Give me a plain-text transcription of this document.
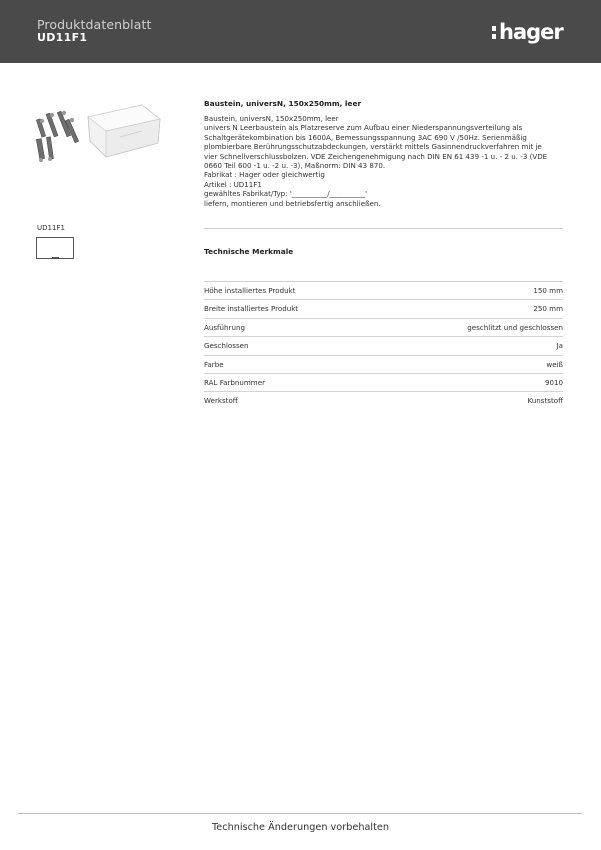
Produktdatenblatt
UD11F1	hager
Baustein, universN, 150x250mm, leer
Baustein, universN, 150x250mm, leer
univers N Leerbaustein als Platzreserve zum Aufbau einer Niederspannungsverteilung als
Schaltgerätekombination bis 1600A, Bemessungsspannung 3AC 690 V /50Hz. Serienmäßig
plombierbare Berührungsschutzabdeckungen, verstärkt mittels Gasinnendruckverfahren mit je
vier Schnellverschlussbolzen. VDE Zeichengenehmigung nach DIN EN 61 439 -1 u. - 2 u. -3 (VDE
0660 Teil 600 -1 u. -2 u. -3), Maßnorm: DIN 43 870.
Fabrikat : Hager oder gleichwertig
Artikel : UD11F1
gewähltes Fabrikat/Typ: '__________/__________'
liefern, montieren und betriebsfertig anschließen.
UD11F1
Technische Merkmale
Höhe installiertes Produkt	150 mm
Breite installiertes Produkt	250 mm
Ausführung	geschlitzt und geschlossen
Geschlossen	Ja
Farbe	weiß
RAL Farbnummer	9010
Werkstoff	Kunststoff
Technische Änderungen vorbehalten
